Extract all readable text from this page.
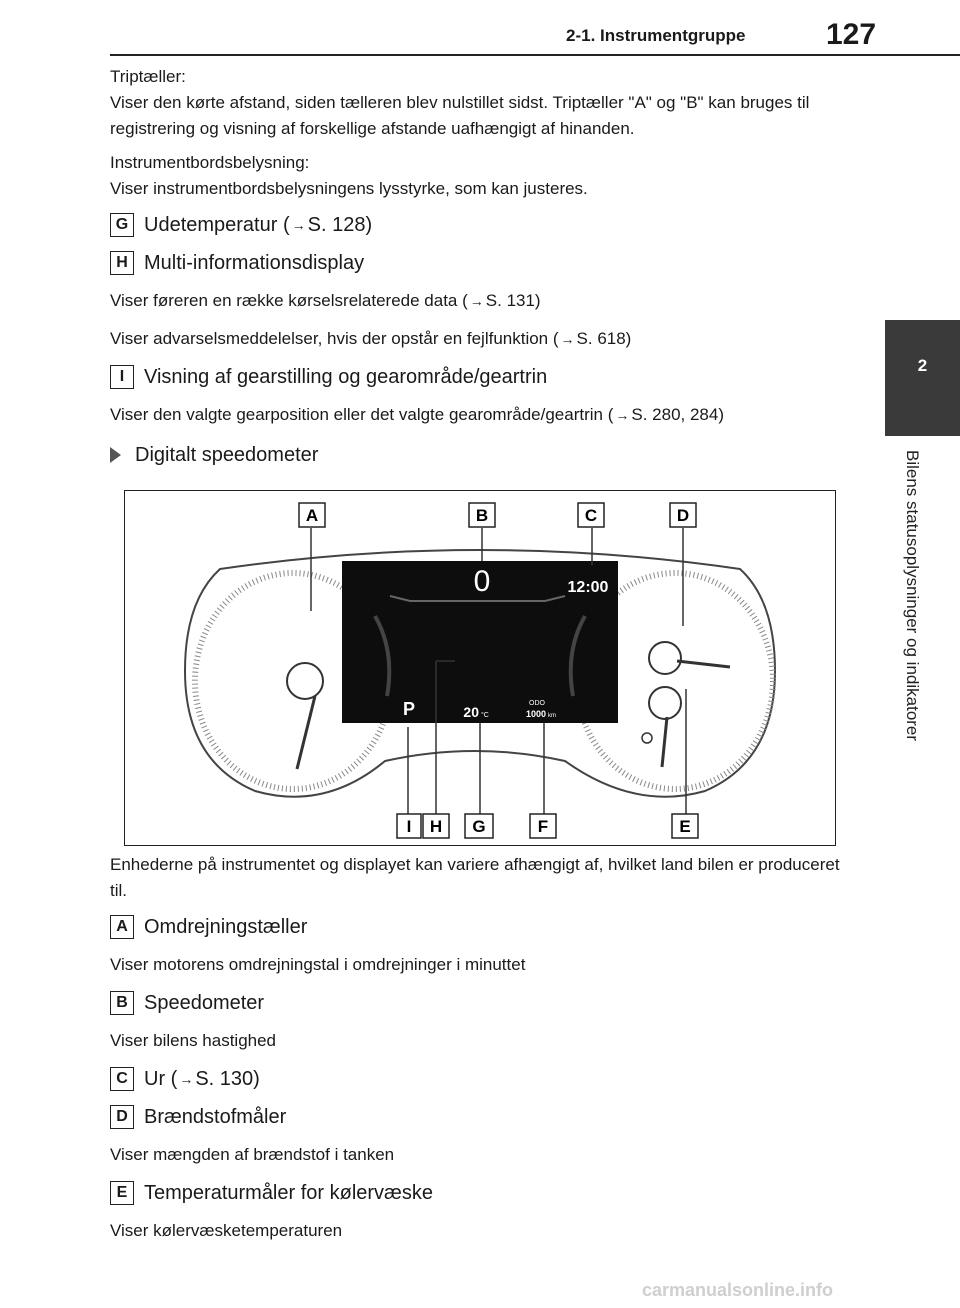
2-1. Instrumentgruppe	127
2
Bilens statusoplysninger og indikatorer

Triptæller:
Viser den kørte afstand, siden tælleren blev nulstillet sidst. Triptæller "A" og "B" kan bruges til registrering og visning af forskellige afstande uafhængigt af hinanden.

Instrumentbordsbelysning:
Viser instrumentbordsbelysningens lysstyrke, som kan justeres.

G Udetemperatur ( → S. 128)
H Multi-informationsdisplay

Viser føreren en række kørselsrelaterede data ( → S. 131)

Viser advarselsmeddelelser, hvis der opstår en fejlfunktion ( → S. 618)

I Visning af gearstilling og gearområde/geartrin

Viser den valgte gearposition eller det valgte gearområde/geartrin ( → S. 280, 284)

Digitalt speedometer
0	12:00
P	20 °C
ODO
1000 km
A	B	C	D
I H G	F	E

Enhederne på instrumentet og displayet kan variere afhængigt af, hvilket land bilen er produceret til.

A Omdrejningstæller

Viser motorens omdrejningstal i omdrejninger i minuttet

B Speedometer

Viser bilens hastighed

C Ur ( → S. 130)
D Brændstofmåler

Viser mængden af brændstof i tanken

E Temperaturmåler for kølervæske

Viser kølervæsketemperaturen

carmanualsonline.info
